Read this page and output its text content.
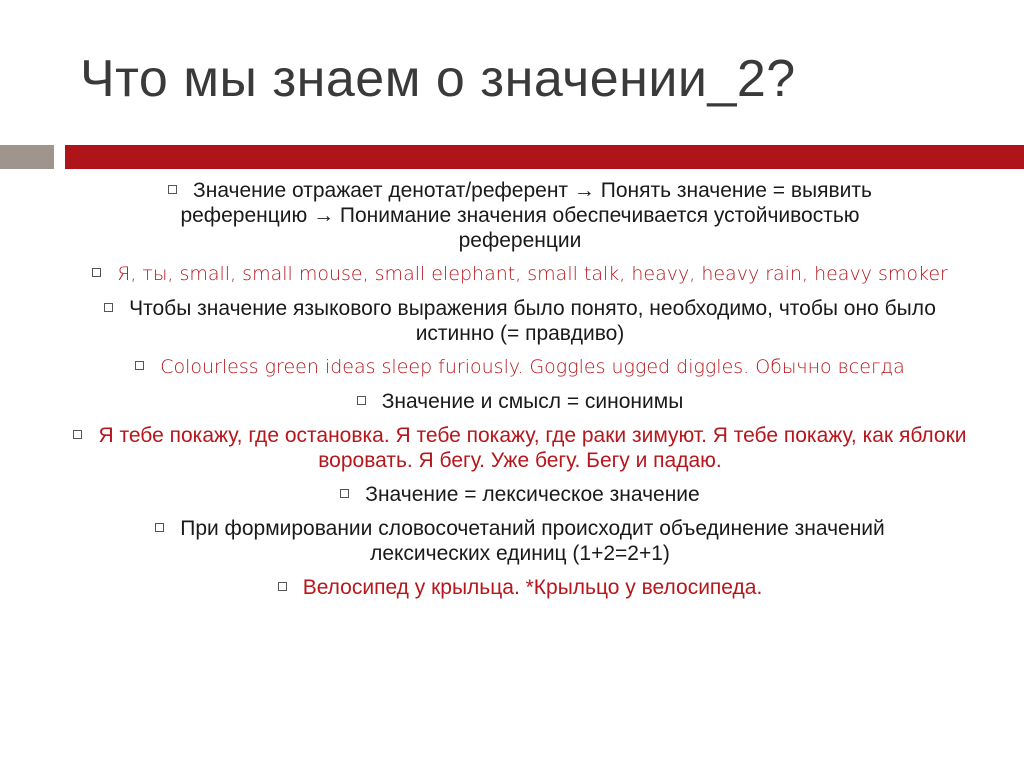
Что мы знаем о значении_2?
Значение отражает денотат/референт → Понять значение = выявить референцию → Понимание значения обеспечивается устойчивостью референции
Я, ты, small, small mouse, small elephant, small talk, heavy, heavy rain, heavy smoker
Чтобы значение языкового выражения было понято, необходимо, чтобы оно было истинно (= правдиво)
Colourless green ideas sleep furiously. Goggles ugged diggles. Обычно всегда
Значение и смысл = синонимы
Я тебе покажу, где остановка. Я тебе покажу, где раки зимуют. Я тебе покажу, как яблоки воровать. Я бегу. Уже бегу. Бегу и падаю.
Значение = лексическое значение
При формировании словосочетаний происходит объединение значений лексических единиц (1+2=2+1)
Велосипед у крыльца. *Крыльцо у велосипеда.
